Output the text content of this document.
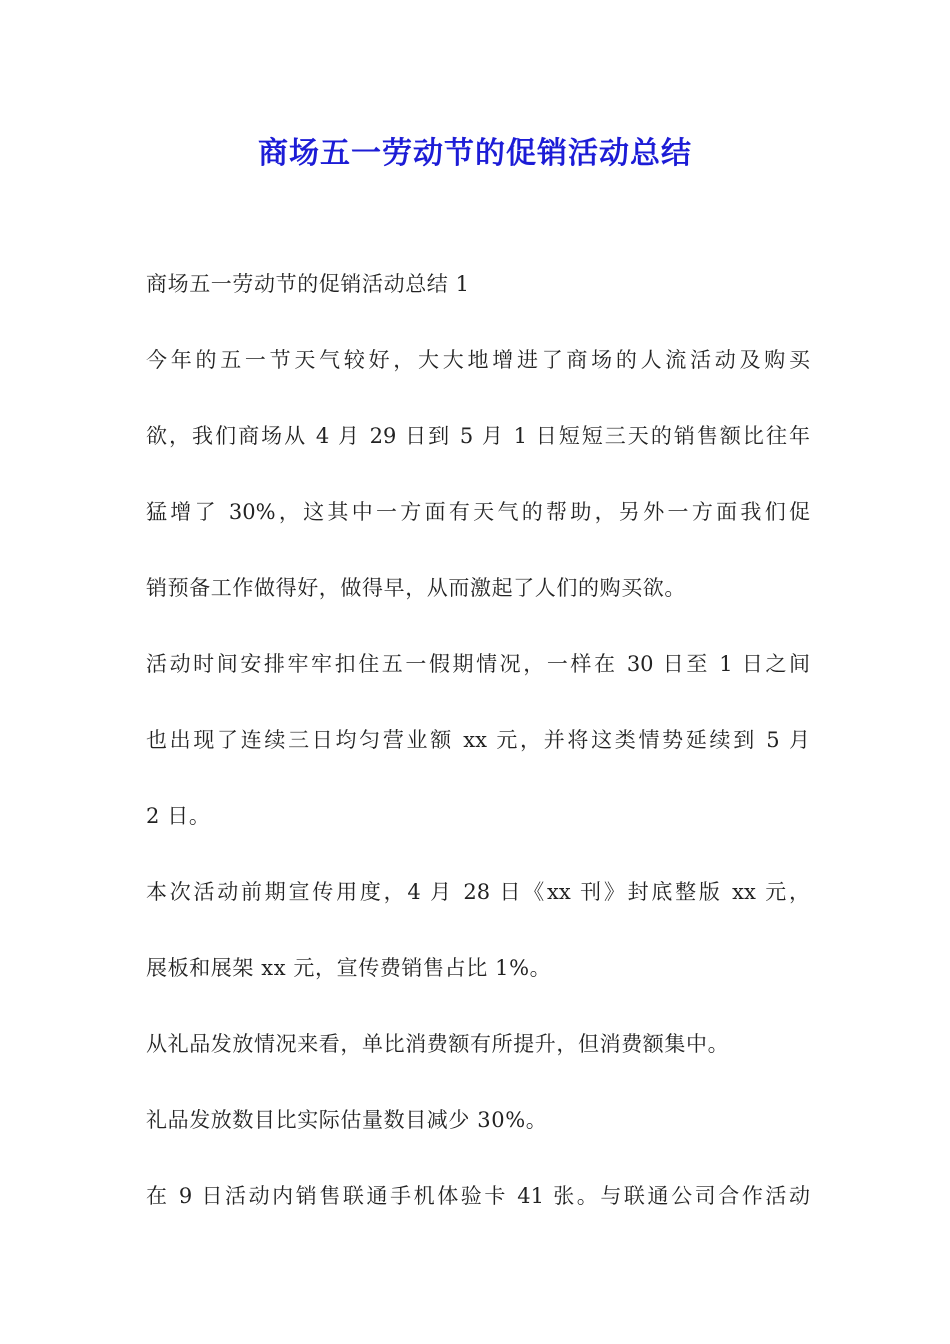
商场五一劳动节的促销活动总结
商场五一劳动节的促销活动总结 1
今年的五一节天气较好，大大地增进了商场的人流活动及购买
欲，我们商场从 4 月 29 日到 5 月 1 日短短三天的销售额比往年
猛增了 30%，这其中一方面有天气的帮助，另外一方面我们促
销预备工作做得好，做得早，从而激起了人们的购买欲。
活动时间安排牢牢扣住五一假期情况，一样在 30 日至 1 日之间
也出现了连续三日均匀营业额 xx 元，并将这类情势延续到 5 月
2 日。
本次活动前期宣传用度，4 月 28 日《xx 刊》封底整版 xx 元，
展板和展架 xx 元，宣传费销售占比 1%。
从礼品发放情况来看，单比消费额有所提升，但消费额集中。
礼品发放数目比实际估量数目减少 30%。
在 9 日活动内销售联通手机体验卡 41 张。与联通公司合作活动
